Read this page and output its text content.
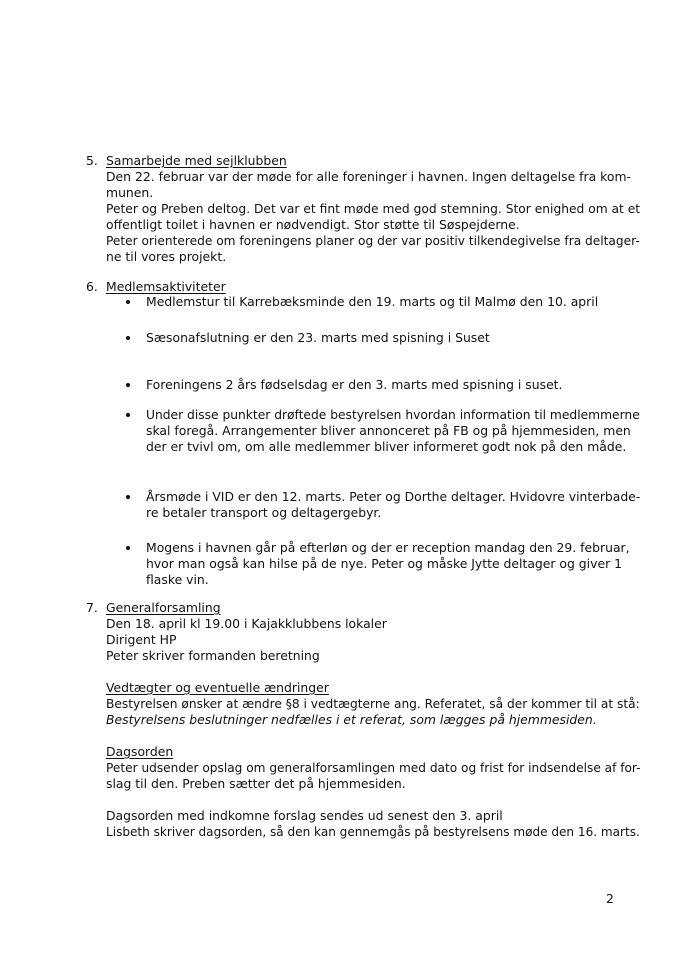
5. Samarbejde med sejlklubben
Den 22. februar var der møde for alle foreninger i havnen. Ingen deltagelse fra kom-
munen.
Peter og Preben deltog. Det var et fint møde med god stemning. Stor enighed om at et
offentligt toilet i havnen er nødvendigt. Stor støtte til Søspejderne.
Peter orienterede om foreningens planer og der var positiv tilkendegivelse fra deltager-
ne til vores projekt.
6. Medlemsaktiviteter
Medlemstur til Karrebæksminde den 19. marts og til Malmø den 10. april
Sæsonafslutning er den 23. marts med spisning i Suset
Foreningens 2 års fødselsdag er den 3. marts med spisning i suset.
Under disse punkter drøftede bestyrelsen hvordan information til medlemmerne
skal foregå. Arrangementer bliver annonceret på FB og på hjemmesiden, men
der er tvivl om, om alle medlemmer bliver informeret godt nok på den måde.
Årsmøde i VID er den 12. marts. Peter og Dorthe deltager. Hvidovre vinterbade-
re betaler transport og deltagergebyr.
Mogens i havnen går på efterløn og der er reception mandag den 29. februar,
hvor man også kan hilse på de nye. Peter og måske Jytte deltager og giver 1
flaske vin.
7. Generalforsamling
Den 18. april kl 19.00 i Kajakklubbens lokaler
Dirigent HP
Peter skriver formanden beretning
Vedtægter og eventuelle ændringer
Bestyrelsen ønsker at ændre §8 i vedtægterne ang. Referatet, så der kommer til at stå:
Bestyrelsens beslutninger nedfælles i et referat, som lægges på hjemmesiden.
Dagsorden
Peter udsender opslag om generalforsamlingen med dato og frist for indsendelse af for-
slag til den. Preben sætter det på hjemmesiden.
Dagsorden med indkomne forslag sendes ud senest den 3. april
Lisbeth skriver dagsorden, så den kan gennemgås på bestyrelsens møde den 16. marts.
2
